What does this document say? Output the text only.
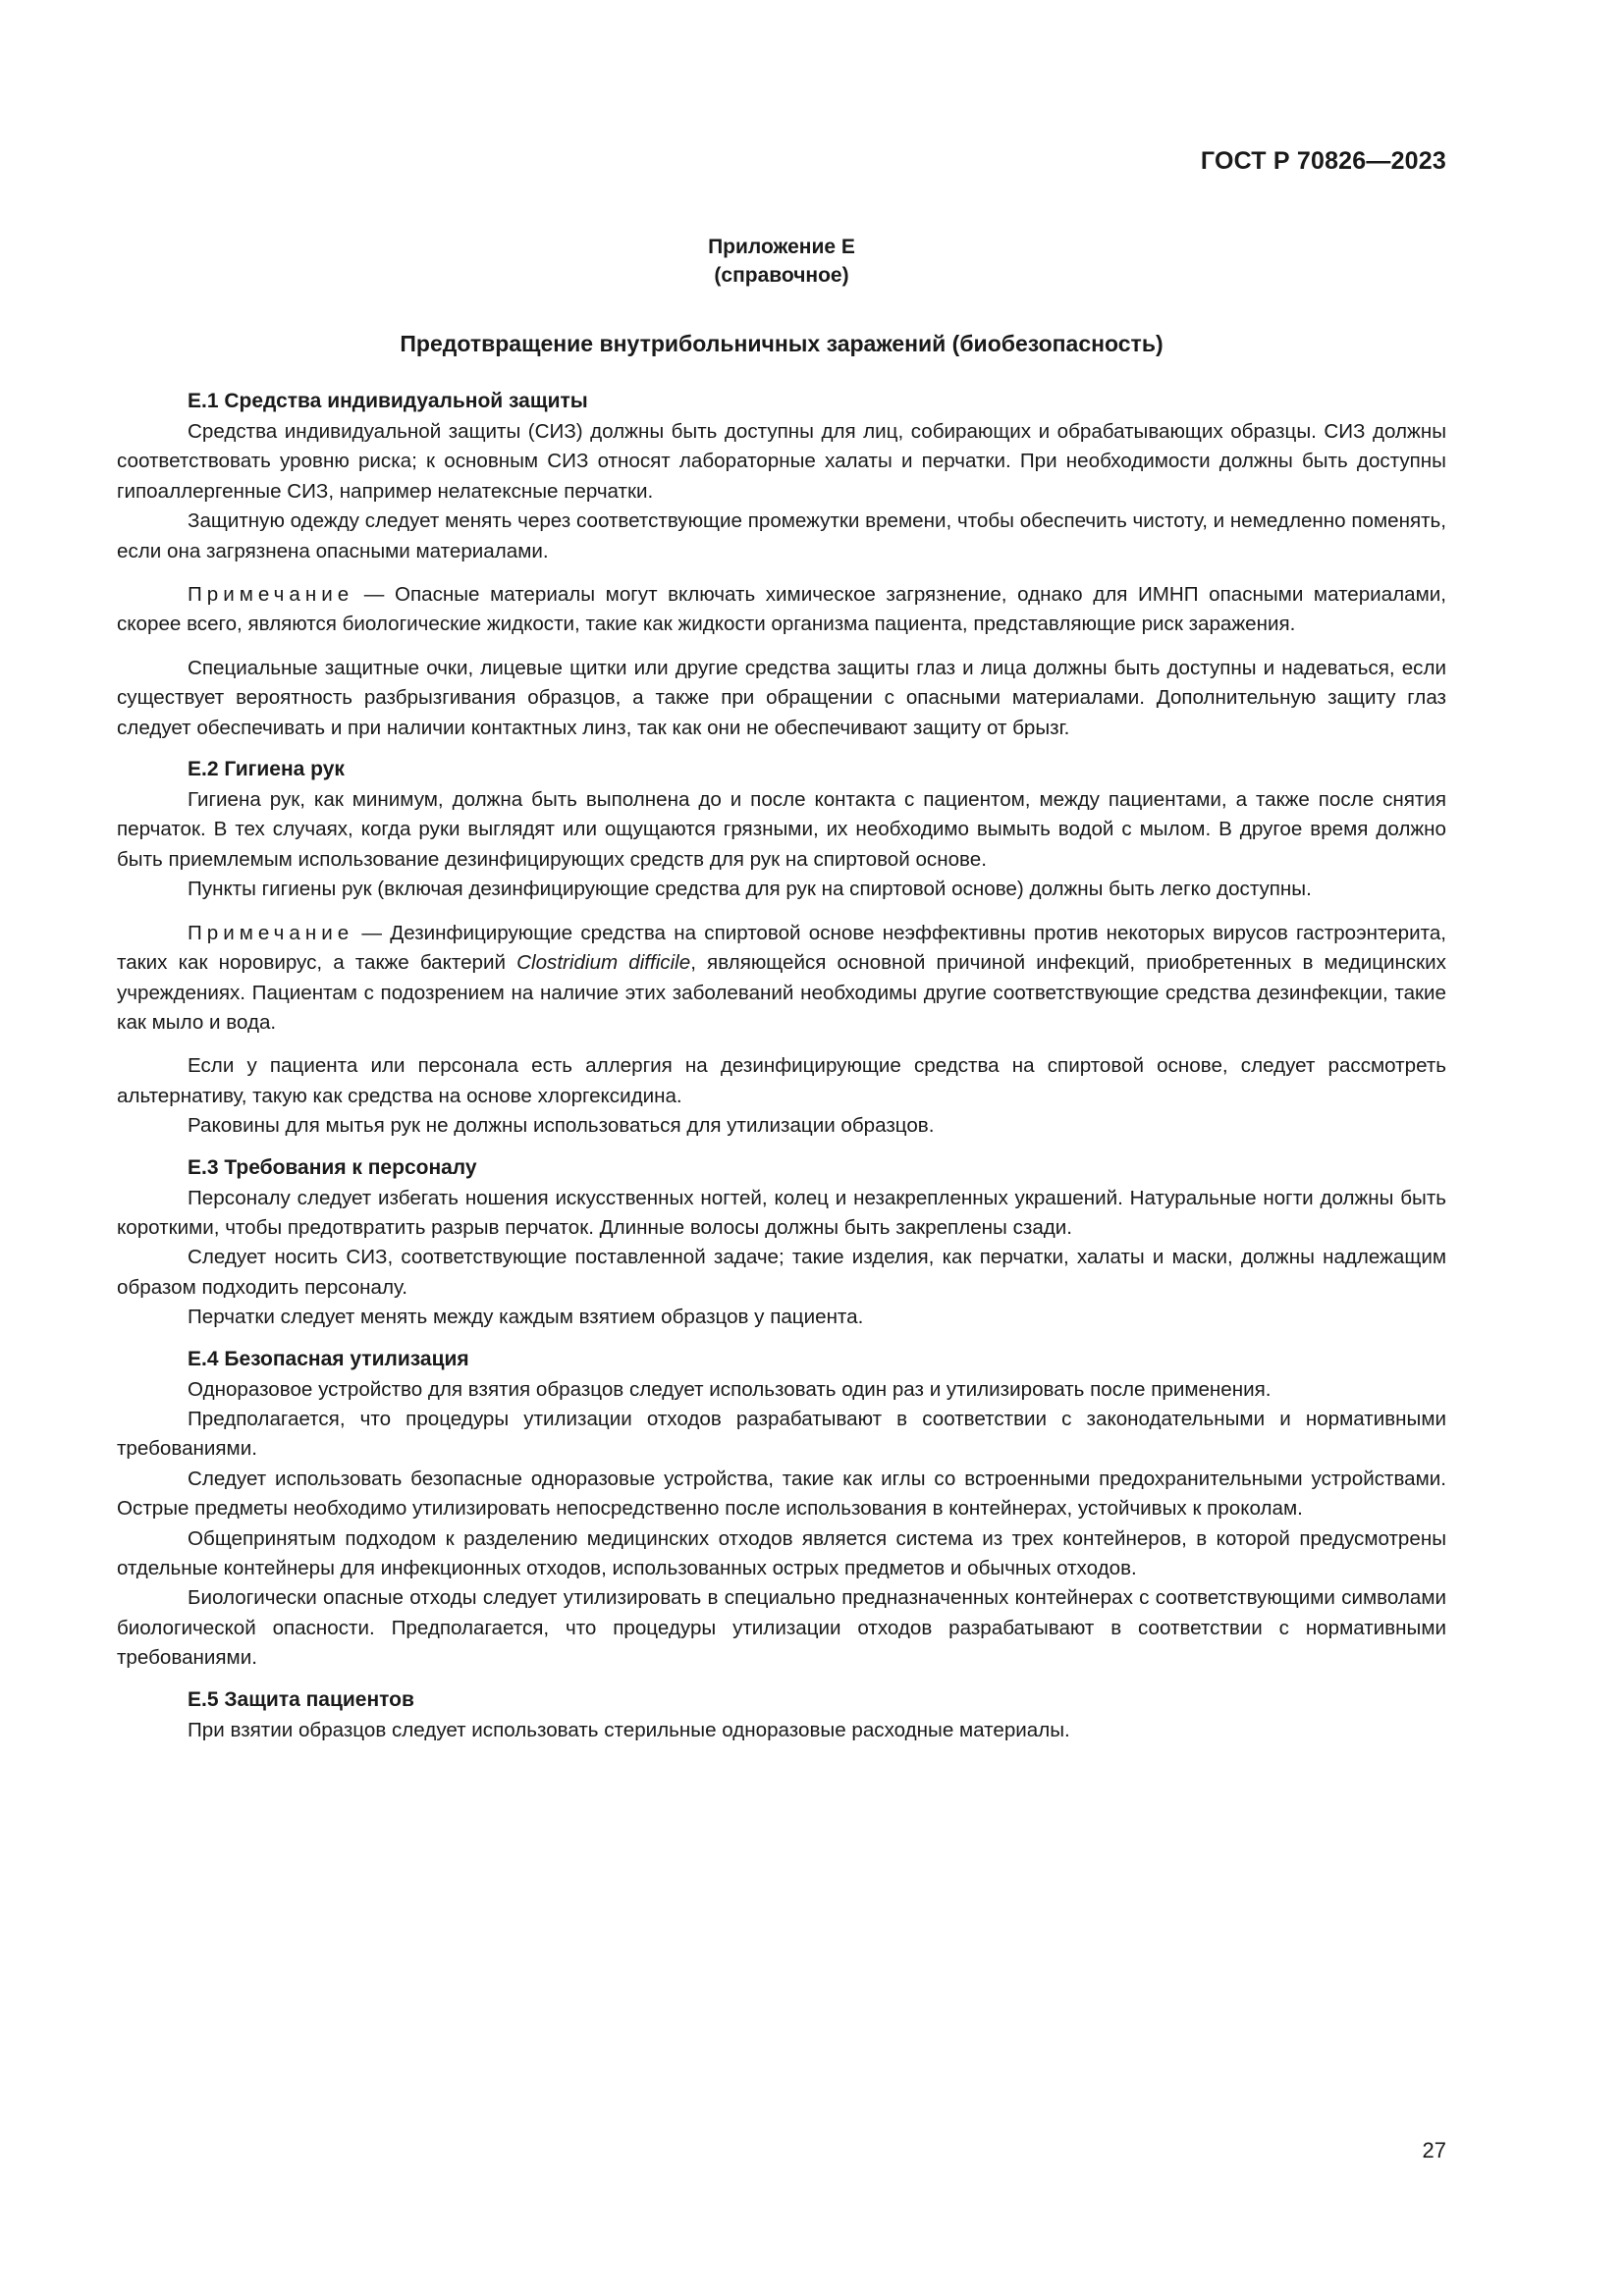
ГОСТ Р 70826—2023

Приложение Е

(справочное)

Предотвращение внутрибольничных заражений (биобезопасность)
Е.1 Средства индивидуальной защиты

Средства индивидуальной защиты (СИЗ) должны быть доступны для лиц, собирающих и обрабатывающих образцы. СИЗ должны соответствовать уровню риска; к основным СИЗ относят лабораторные халаты и перчатки. При необходимости должны быть доступны гипоаллергенные СИЗ, например нелатексные перчатки.

Защитную одежду следует менять через соответствующие промежутки времени, чтобы обеспечить чистоту, и немедленно поменять, если она загрязнена опасными материалами.

Примечание — Опасные материалы могут включать химическое загрязнение, однако для ИМНП опасными материалами, скорее всего, являются биологические жидкости, такие как жидкости организма пациента, представляющие риск заражения.

Специальные защитные очки, лицевые щитки или другие средства защиты глаз и лица должны быть доступны и надеваться, если существует вероятность разбрызгивания образцов, а также при обращении с опасными материалами. Дополнительную защиту глаз следует обеспечивать и при наличии контактных линз, так как они не обеспечивают защиту от брызг.

Е.2 Гигиена рук

Гигиена рук, как минимум, должна быть выполнена до и после контакта с пациентом, между пациентами, а также после снятия перчаток. В тех случаях, когда руки выглядят или ощущаются грязными, их необходимо вымыть водой с мылом. В другое время должно быть приемлемым использование дезинфицирующих средств для рук на спиртовой основе.

Пункты гигиены рук (включая дезинфицирующие средства для рук на спиртовой основе) должны быть легко доступны.

Примечание — Дезинфицирующие средства на спиртовой основе неэффективны против некоторых вирусов гастроэнтерита, таких как норовирус, а также бактерий Clostridium difficile, являющейся основной причиной инфекций, приобретенных в медицинских учреждениях. Пациентам с подозрением на наличие этих заболеваний необходимы другие соответствующие средства дезинфекции, такие как мыло и вода.

Если у пациента или персонала есть аллергия на дезинфицирующие средства на спиртовой основе, следует рассмотреть альтернативу, такую как средства на основе хлоргексидина.

Раковины для мытья рук не должны использоваться для утилизации образцов.

Е.3 Требования к персоналу

Персоналу следует избегать ношения искусственных ногтей, колец и незакрепленных украшений. Натуральные ногти должны быть короткими, чтобы предотвратить разрыв перчаток. Длинные волосы должны быть закреплены сзади.

Следует носить СИЗ, соответствующие поставленной задаче; такие изделия, как перчатки, халаты и маски, должны надлежащим образом подходить персоналу.

Перчатки следует менять между каждым взятием образцов у пациента.

Е.4 Безопасная утилизация

Одноразовое устройство для взятия образцов следует использовать один раз и утилизировать после применения.

Предполагается, что процедуры утилизации отходов разрабатывают в соответствии с законодательными и нормативными требованиями.

Следует использовать безопасные одноразовые устройства, такие как иглы со встроенными предохранительными устройствами. Острые предметы необходимо утилизировать непосредственно после использования в контейнерах, устойчивых к проколам.

Общепринятым подходом к разделению медицинских отходов является система из трех контейнеров, в которой предусмотрены отдельные контейнеры для инфекционных отходов, использованных острых предметов и обычных отходов.

Биологически опасные отходы следует утилизировать в специально предназначенных контейнерах с соответствующими символами биологической опасности. Предполагается, что процедуры утилизации отходов разрабатывают в соответствии с нормативными требованиями.

Е.5 Защита пациентов

При взятии образцов следует использовать стерильные одноразовые расходные материалы.

27
